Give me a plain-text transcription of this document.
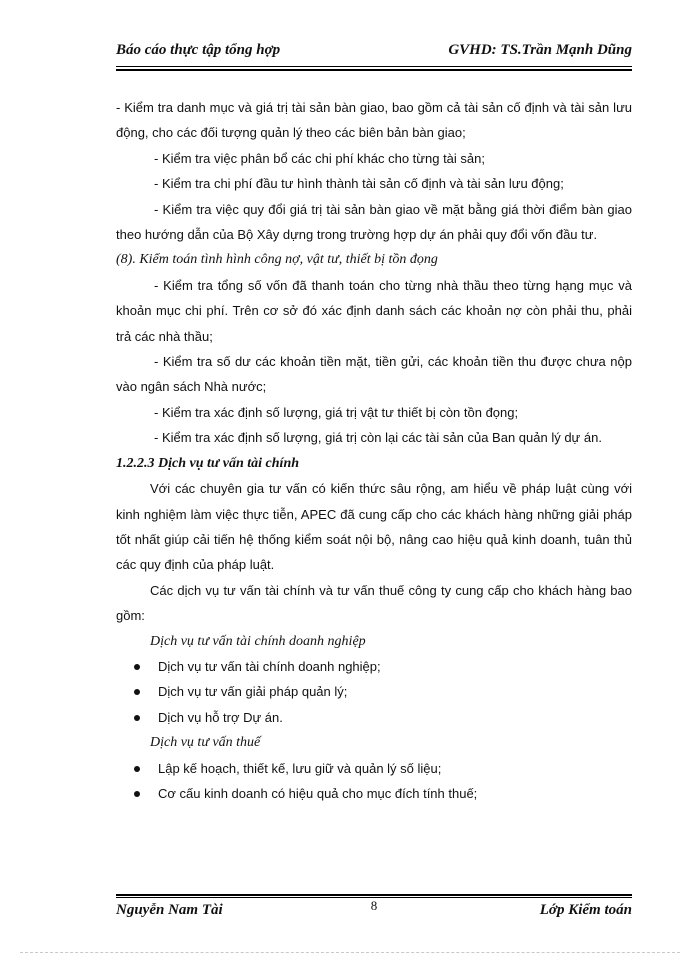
Báo cáo thực tập tổng hợp	GVHD: TS.Trần Mạnh Dũng

- Kiểm tra danh mục và giá trị tài sản bàn giao, bao gồm cả tài sản cố định và tài sản lưu động, cho các đối tượng quản lý theo các biên bản bàn giao;

- Kiểm tra việc phân bổ các chi phí khác cho từng tài sản;

- Kiểm tra chi phí đầu tư hình thành tài sản cố định và tài sản lưu động;

- Kiểm tra việc quy đổi giá trị tài sản bàn giao về mặt bằng giá thời điểm bàn giao theo hướng dẫn của Bộ Xây dựng trong trường hợp dự án phải quy đổi vốn đầu tư.

(8). Kiểm toán tình hình công nợ, vật tư, thiết bị tồn đọng

- Kiểm tra tổng số vốn đã thanh toán cho từng nhà thầu theo từng hạng mục và khoản mục chi phí. Trên cơ sở đó xác định danh sách các khoản nợ còn phải thu, phải trả các nhà thầu;

- Kiểm tra số dư các khoản tiền mặt, tiền gửi, các khoản tiền thu được chưa nộp vào ngân sách Nhà nước;

- Kiểm tra xác định số lượng, giá trị vật tư thiết bị còn tồn đọng;

- Kiểm tra xác định số lượng, giá trị còn lại các tài sản của Ban quản lý dự án.

1.2.2.3 Dịch vụ tư vấn tài chính

Với các chuyên gia tư vấn có kiến thức sâu rộng, am hiểu về pháp luật cùng với kinh nghiệm làm việc thực tiễn, APEC đã cung cấp cho các khách hàng những giải pháp tốt nhất giúp cải tiến hệ thống kiểm soát nội bộ, nâng cao hiệu quả kinh doanh, tuân thủ các quy định của pháp luật.

Các dịch vụ tư vấn tài chính và tư vấn thuế công ty cung cấp cho khách hàng bao gồm:

Dịch vụ tư vấn tài chính doanh nghiệp

Dịch vụ tư vấn tài chính doanh nghiệp;
Dịch vụ tư vấn giải pháp quản lý;
Dịch vụ hỗ trợ Dự án.

Dịch vụ tư vấn thuế

Lập kế hoạch, thiết kế, lưu giữ và quản lý số liệu;
Cơ cấu kinh doanh có hiệu quả cho mục đích tính thuế;
Nguyễn Nam Tài	8	Lớp Kiểm toán
